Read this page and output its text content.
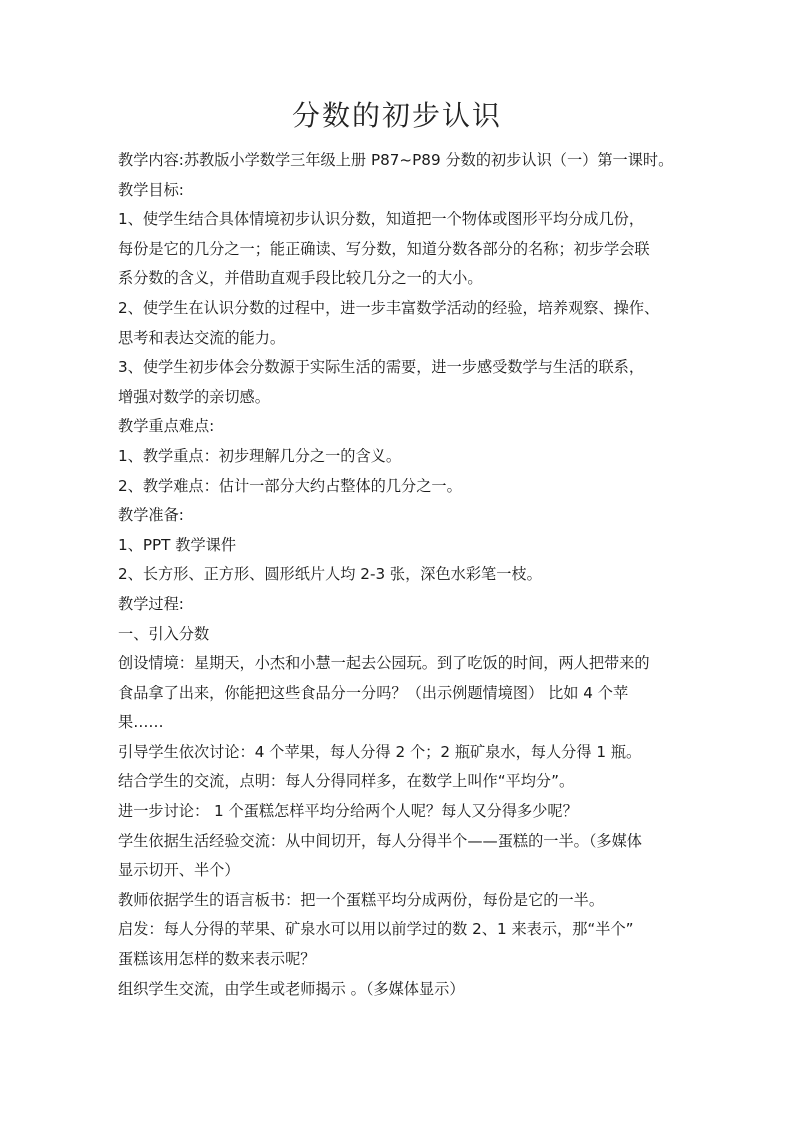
分数的初步认识
教学内容:苏教版小学数学三年级上册 P87~P89 分数的初步认识（一）第一课时。
教学目标:
1、使学生结合具体情境初步认识分数，知道把一个物体或图形平均分成几份，
每份是它的几分之一；能正确读、写分数，知道分数各部分的名称；初步学会联
系分数的含义，并借助直观手段比较几分之一的大小。
2、使学生在认识分数的过程中，进一步丰富数学活动的经验，培养观察、操作、
思考和表达交流的能力。
3、使学生初步体会分数源于实际生活的需要，进一步感受数学与生活的联系，
增强对数学的亲切感。
教学重点难点:
1、教学重点：初步理解几分之一的含义。
2、教学难点：估计一部分大约占整体的几分之一。
教学准备:
1、PPT 教学课件
2、长方形、正方形、圆形纸片人均 2-3 张，深色水彩笔一枝。
教学过程:
一、引入分数
创设情境：星期天，小杰和小慧一起去公园玩。到了吃饭的时间，两人把带来的
食品拿了出来，你能把这些食品分一分吗？（出示例题情境图） 比如 4 个苹
果……
引导学生依次讨论：4 个苹果，每人分得 2 个；2 瓶矿泉水，每人分得 1 瓶。
结合学生的交流，点明：每人分得同样多，在数学上叫作“平均分”。
进一步讨论： 1 个蛋糕怎样平均分给两个人呢？每人又分得多少呢？
学生依据生活经验交流：从中间切开，每人分得半个——蛋糕的一半。（多媒体
显示切开、半个）
教师依据学生的语言板书：把一个蛋糕平均分成两份，每份是它的一半。
启发：每人分得的苹果、矿泉水可以用以前学过的数 2、1 来表示，那“半个”
蛋糕该用怎样的数来表示呢？
组织学生交流，由学生或老师揭示 。（多媒体显示）
